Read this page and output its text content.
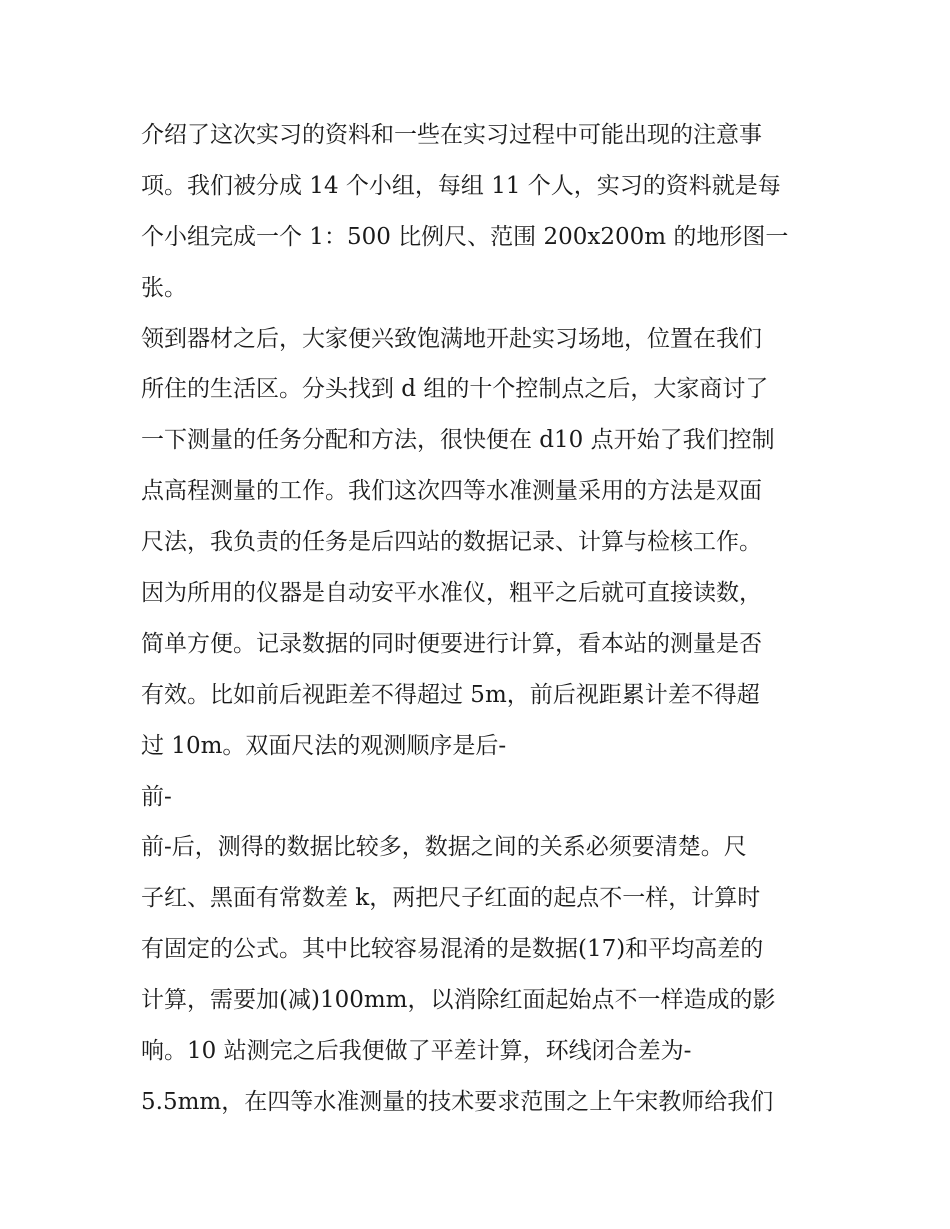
介绍了这次实习的资料和一些在实习过程中可能出现的注意事
项。我们被分成 14 个小组，每组 11 个人，实习的资料就是每
个小组完成一个 1：500 比例尺、范围 200x200m 的地形图一
张。
领到器材之后，大家便兴致饱满地开赴实习场地，位置在我们
所住的生活区。分头找到 d 组的十个控制点之后，大家商讨了
一下测量的任务分配和方法，很快便在 d10 点开始了我们控制
点高程测量的工作。我们这次四等水准测量采用的方法是双面
尺法，我负责的任务是后四站的数据记录、计算与检核工作。
因为所用的仪器是自动安平水准仪，粗平之后就可直接读数，
简单方便。记录数据的同时便要进行计算，看本站的测量是否
有效。比如前后视距差不得超过 5m，前后视距累计差不得超
过 10m。双面尺法的观测顺序是后-
前-
前-后，测得的数据比较多，数据之间的关系必须要清楚。尺
子红、黑面有常数差 k，两把尺子红面的起点不一样，计算时
有固定的公式。其中比较容易混淆的是数据(17)和平均高差的
计算，需要加(减)100mm，以消除红面起始点不一样造成的影
响。10 站测完之后我便做了平差计算，环线闭合差为-
5.5mm，在四等水准测量的技术要求范围之上午宋教师给我们
